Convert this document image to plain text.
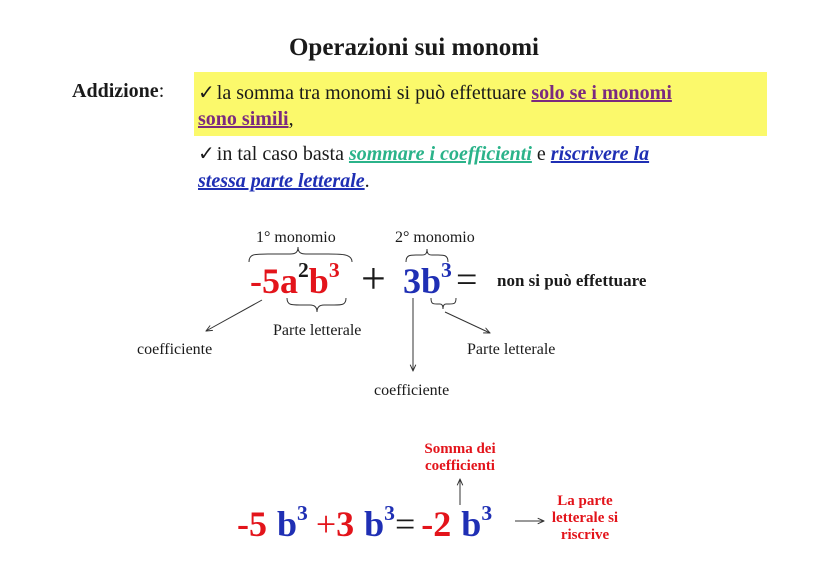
Operazioni sui monomi
Addizione: ✓ la somma tra monomi si può effettuare solo se i monomi
sono simili,
✓ in tal caso basta sommare i coefficienti e riscrivere la
stessa parte letterale.
1° monomio	2° monomio
$-5a^2b^3 + 3b^3$ = non si può effettuare
coefficiente
Parte letterale
coefficiente
Parte letterale
Somma dei
coefficienti
-5 $b^3 +3$ $b^3= -2$ $b^3$	La parte
letterale si
riscrive
